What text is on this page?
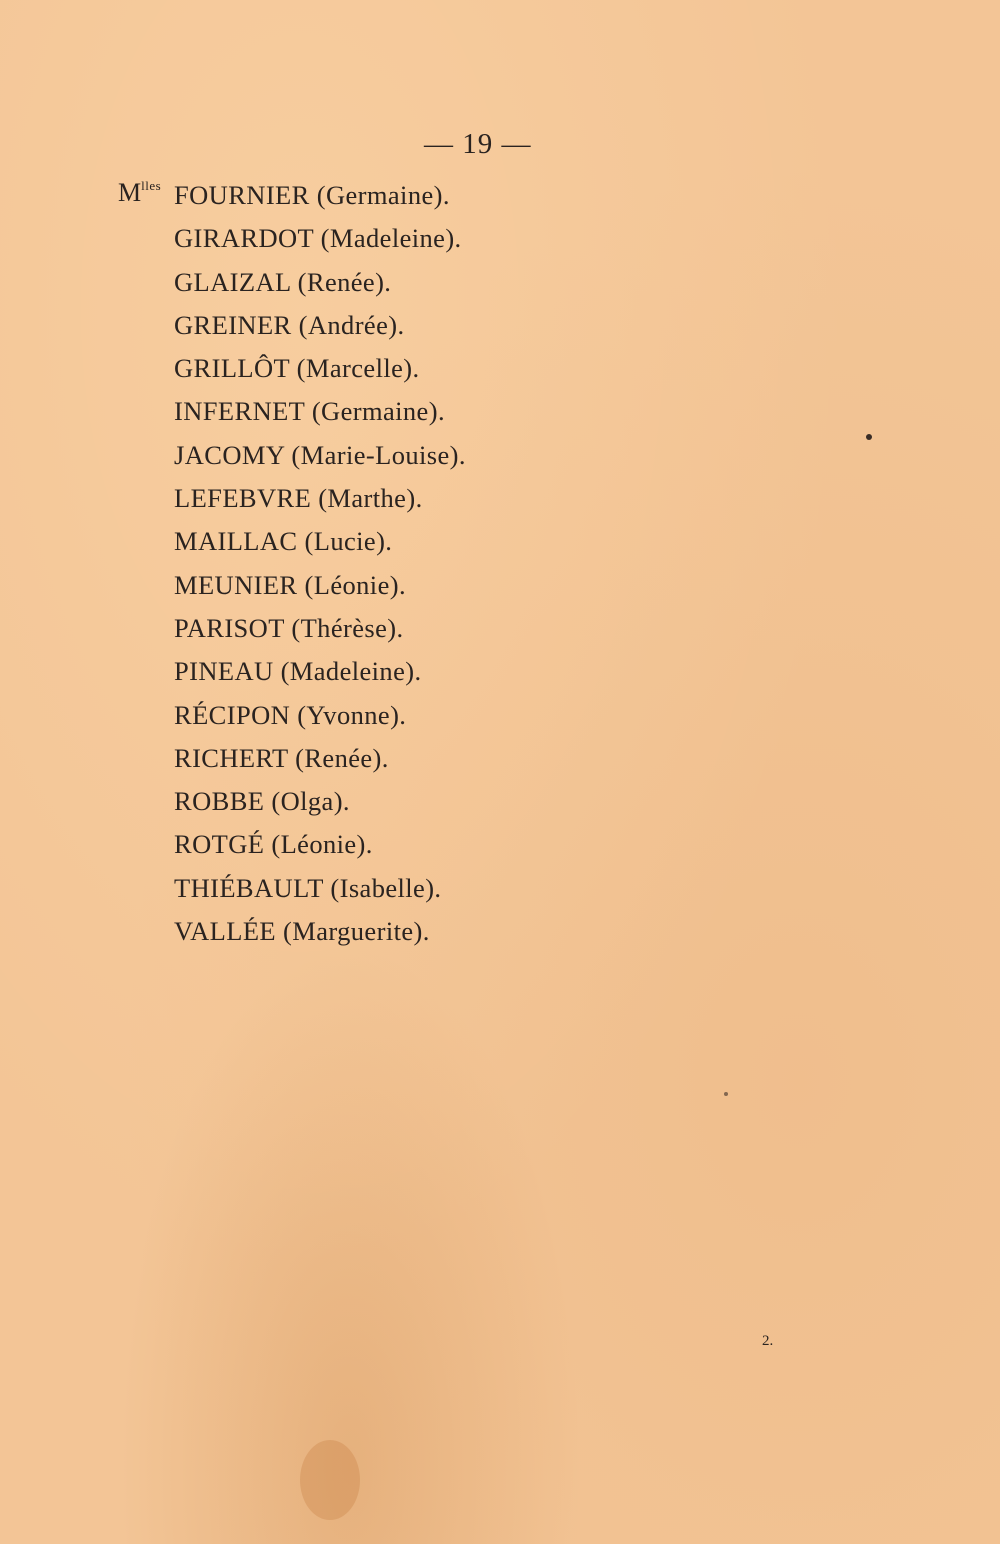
— 19 —
$M^{lles}$ FOURNIER (Germaine).
GIRARDOT (Madeleine).
GLAIZAL (Renée).
GREINER (Andrée).
GRILLÔT (Marcelle).
INFERNET (Germaine).
JACOMY (Marie-Louise).
LEFEBVRE (Marthe).
MAILLAC (Lucie).
MEUNIER (Léonie).
PARISOT (Thérèse).
PINEAU (Madeleine).
RÉCIPON (Yvonne).
RICHERT (Renée).
ROBBE (Olga).
ROTGÉ (Léonie).
THIÉBAULT (Isabelle).
VALLÉE (Marguerite).
2.
